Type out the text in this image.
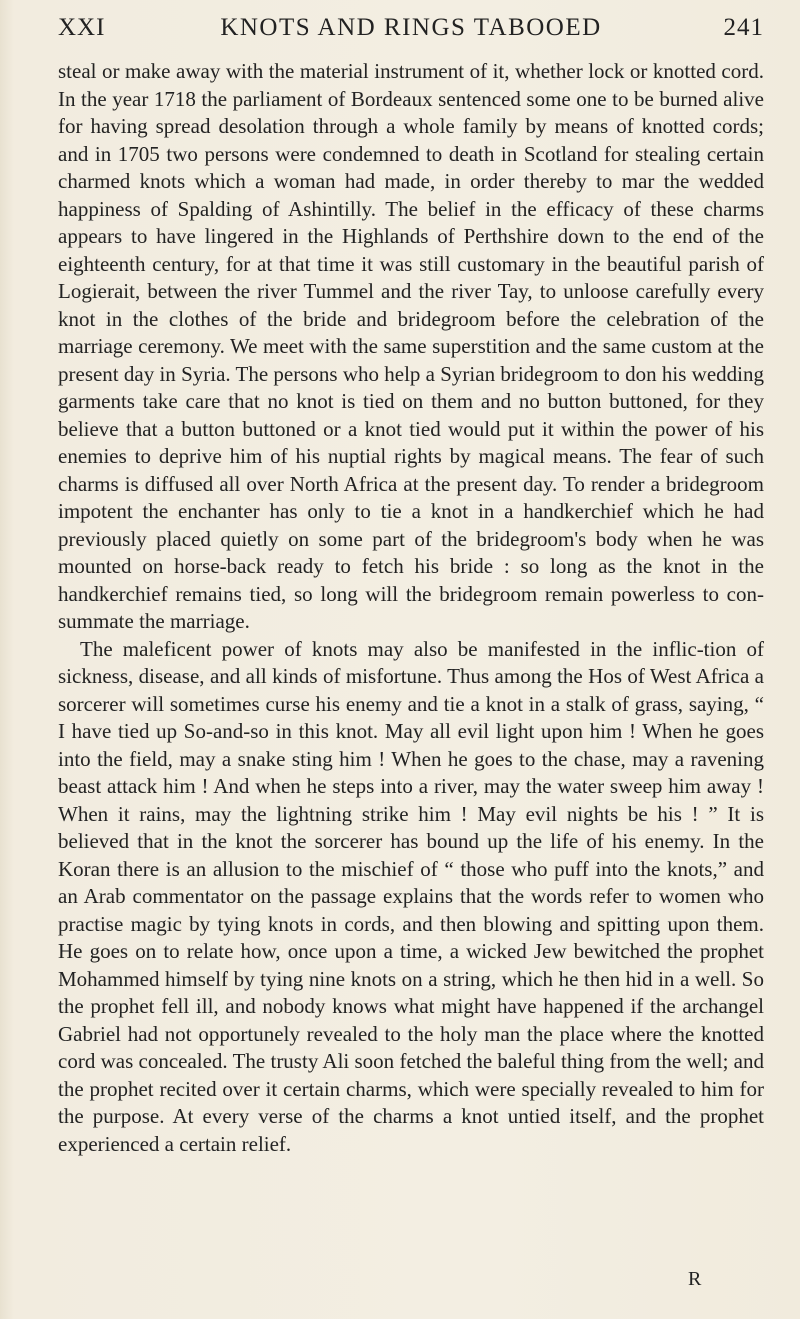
XXI	KNOTS AND RINGS TABOOED	241

steal or make away with the material instrument of it, whether lock or knotted cord. In the year 1718 the parliament of Bordeaux sentenced some one to be burned alive for having spread desolation through a whole family by means of knotted cords; and in 1705 two persons were condemned to death in Scotland for stealing certain charmed knots which a woman had made, in order thereby to mar the wedded happiness of Spalding of Ashintilly. The belief in the efficacy of these charms appears to have lingered in the Highlands of Perthshire down to the end of the eighteenth century, for at that time it was still customary in the beautiful parish of Logierait, between the river Tummel and the river Tay, to unloose carefully every knot in the clothes of the bride and bridegroom before the celebration of the marriage ceremony. We meet with the same superstition and the same custom at the present day in Syria. The persons who help a Syrian bridegroom to don his wedding garments take care that no knot is tied on them and no button buttoned, for they believe that a button buttoned or a knot tied would put it within the power of his enemies to deprive him of his nuptial rights by magical means. The fear of such charms is diffused all over North Africa at the present day. To render a bridegroom impotent the enchanter has only to tie a knot in a handkerchief which he had previously placed quietly on some part of the bridegroom's body when he was mounted on horse-back ready to fetch his bride : so long as the knot in the handkerchief remains tied, so long will the bridegroom remain powerless to con-summate the marriage.

The maleficent power of knots may also be manifested in the inflic-tion of sickness, disease, and all kinds of misfortune. Thus among the Hos of West Africa a sorcerer will sometimes curse his enemy and tie a knot in a stalk of grass, saying, “ I have tied up So-and-so in this knot. May all evil light upon him ! When he goes into the field, may a snake sting him ! When he goes to the chase, may a ravening beast attack him ! And when he steps into a river, may the water sweep him away ! When it rains, may the lightning strike him ! May evil nights be his ! ” It is believed that in the knot the sorcerer has bound up the life of his enemy. In the Koran there is an allusion to the mischief of “ those who puff into the knots,” and an Arab commentator on the passage explains that the words refer to women who practise magic by tying knots in cords, and then blowing and spitting upon them. He goes on to relate how, once upon a time, a wicked Jew bewitched the prophet Mohammed himself by tying nine knots on a string, which he then hid in a well. So the prophet fell ill, and nobody knows what might have happened if the archangel Gabriel had not opportunely revealed to the holy man the place where the knotted cord was concealed. The trusty Ali soon fetched the baleful thing from the well; and the prophet recited over it certain charms, which were specially revealed to him for the purpose. At every verse of the charms a knot untied itself, and the prophet experienced a certain relief.

R
